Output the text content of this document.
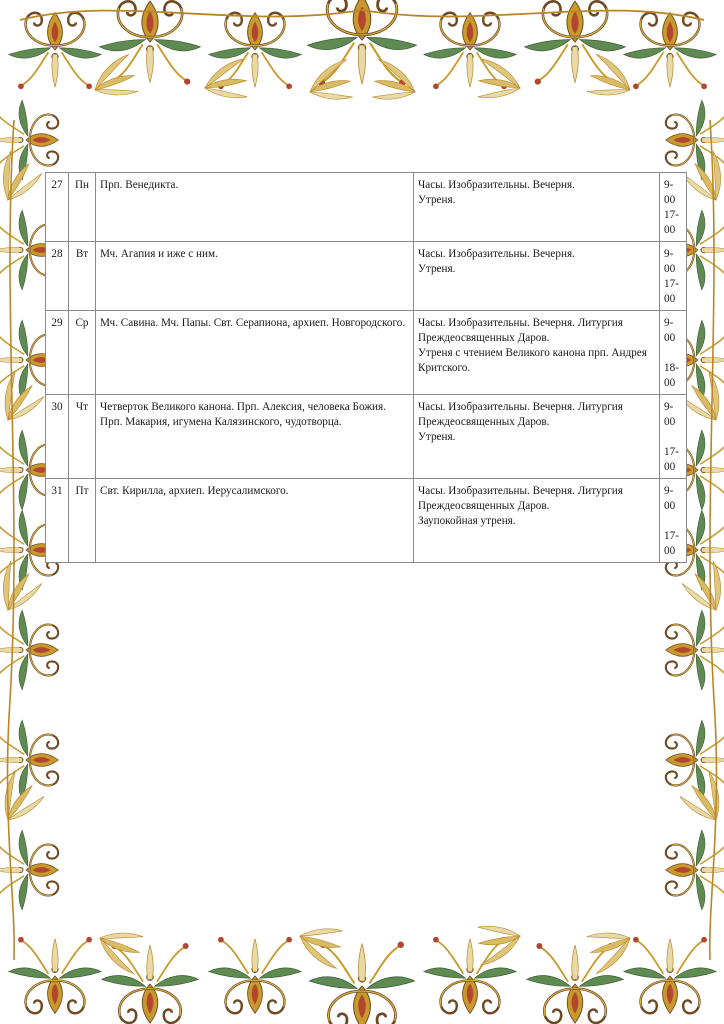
27	Пн	Прп. Венедикта.	Часы. Изобразительны. Вечерня.
Утреня.	9-00
17-00

28	Вт	Мч. Агапия и иже с ним.	Часы. Изобразительны. Вечерня.
Утреня.	9-00
17-00

29	Ср	Мч. Савина. Мч. Папы. Свт. Серапиона, архиеп. Новгородского.	Часы. Изобразительны. Вечерня. Литургия Преждеосвященных Даров.
Утреня с чтением Великого канона прп. Андрея Критского.	9-00
18-00

30	Чт	Четверток Великого канона. Прп. Алексия, человека Божия. Прп. Макария, игумена Калязинского, чудотворца.	Часы. Изобразительны. Вечерня. Литургия Преждеосвященных Даров.
Утреня.	9-00
17-00

31	Пт	Свт. Кирилла, архиеп. Иерусалимского.	Часы. Изобразительны. Вечерня. Литургия Преждеосвященных Даров.
Заупокойная утреня.	9-00
17-00
